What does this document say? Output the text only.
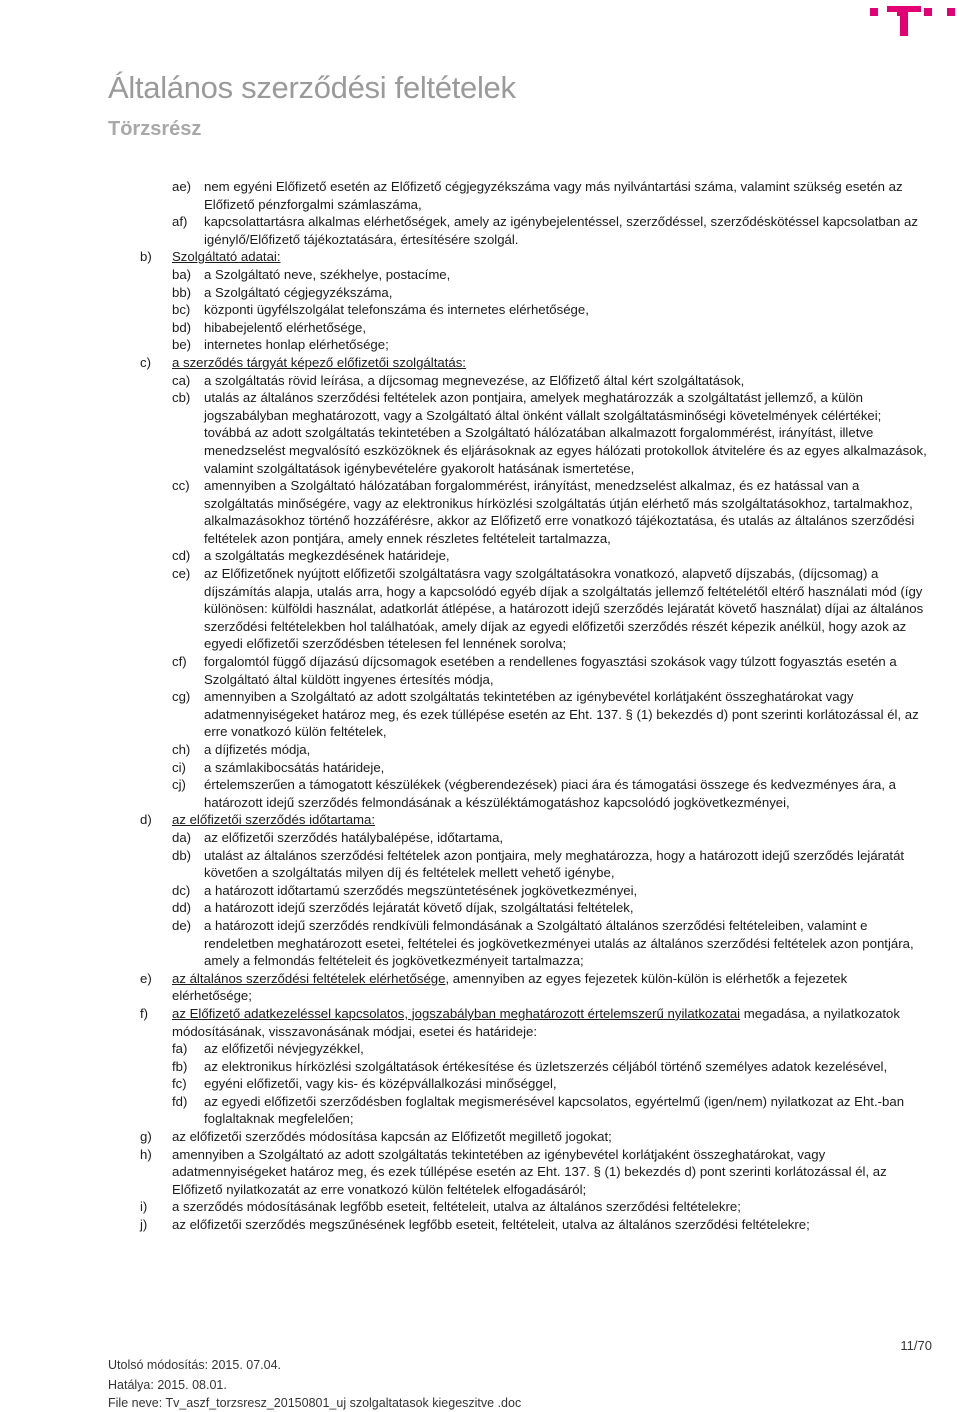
Általános szerződési feltételek
Törzsrész
ae) nem egyéni Előfizető esetén az Előfizető cégjegyzékszáma vagy más nyilvántartási száma, valamint szükség esetén az Előfizető pénzforgalmi számlaszáma,
af)	kapcsolattartásra alkalmas elérhetőségek, amely az igénybejelentéssel, szerződéssel, szerződéskötéssel kapcsolatban az igénylő/Előfizető tájékoztatására, értesítésére szolgál.
b)	Szolgáltató adatai:
ba) a Szolgáltató neve, székhelye, postacíme,
bb) a Szolgáltató cégjegyzékszáma,
bc)	központi ügyfélszolgálat telefonszáma és internetes elérhetősége,
bd) hibabejelentő elérhetősége,
be) internetes honlap elérhetősége;
c)	a szerződés tárgyát képező előfizetői szolgáltatás:
ca)	a szolgáltatás rövid leírása, a díjcsomag megnevezése, az Előfizető által kért szolgáltatások,
cb)	utalás az általános szerződési feltételek azon pontjaira, amelyek meghatározzák a szolgáltatást jellemző, a külön jogszabályban meghatározott, vagy a Szolgáltató által önként vállalt szolgáltatásminőségi követelmények célértékei; továbbá az adott szolgáltatás tekintetében a Szolgáltató hálózatában alkalmazott forgalommérést, irányítást, illetve menedzselést megvalósító eszközöknek és eljárásoknak az egyes hálózati protokollok átvitelére és az egyes alkalmazások, valamint szolgáltatások igénybevételére gyakorolt hatásának ismertetése,
cc)	amennyiben a Szolgáltató hálózatában forgalommérést, irányítást, menedzselést alkalmaz, és ez hatással van a szolgáltatás minőségére, vagy az elektronikus hírközlési szolgáltatás útján elérhető más szolgáltatásokhoz, tartalmakhoz, alkalmazásokhoz történő hozzáférésre, akkor az Előfizető erre vonatkozó tájékoztatása, és utalás az általános szerződési feltételek azon pontjára, amely ennek részletes feltételeit tartalmazza,
cd)	a szolgáltatás megkezdésének határideje,
ce)	az Előfizetőnek nyújtott előfizetői szolgáltatásra vagy szolgáltatásokra vonatkozó, alapvető díjszabás, (díjcsomag) a díjszámítás alapja, utalás arra, hogy a kapcsolódó egyéb díjak a szolgáltatás jellemző feltételétől eltérő használati mód (így különösen: külföldi használat, adatkorlát átlépése, a határozott idejű szerződés lejáratát követő használat) díjai az általános szerződési feltételekben hol találhatóak, amely díjak az egyedi előfizetői szerződés részét képezik anélkül, hogy azok az egyedi előfizetői szerződésben tételesen fel lennének sorolva;
cf)	forgalomtól függő díjazású díjcsomagok esetében a rendellenes fogyasztási szokások vagy túlzott fogyasztás esetén a Szolgáltató által küldött ingyenes értesítés módja,
cg)	amennyiben a Szolgáltató az adott szolgáltatás tekintetében az igénybevétel korlátjaként összeghatárokat vagy adatmennyiségeket határoz meg, és ezek túllépése esetén az Eht. 137. § (1) bekezdés d) pont szerinti korlátozással él, az erre vonatkozó külön feltételek,
ch)	a díjfizetés módja,
ci)	a számlakibocsátás határideje,
cj)	értelemszerűen a támogatott készülékek (végberendezések) piaci ára és támogatási összege és kedvezményes ára, a határozott idejű szerződés felmondásának a készüléktámogatáshoz kapcsolódó jogkövetkezményei,
d)	az előfizetői szerződés időtartama:
da) az előfizetői szerződés hatálybalépése, időtartama,
db) utalást az általános szerződési feltételek azon pontjaira, mely meghatározza, hogy a határozott idejű szerződés lejáratát követően a szolgáltatás milyen díj és feltételek mellett vehető igénybe,
dc)	a határozott időtartamú szerződés megszüntetésének jogkövetkezményei,
dd) a határozott idejű szerződés lejáratát követő díjak, szolgáltatási feltételek,
de) a határozott idejű szerződés rendkívüli felmondásának a Szolgáltató általános szerződési feltételeiben, valamint e rendeletben meghatározott esetei, feltételei és jogkövetkezményei utalás az általános szerződési feltételek azon pontjára, amely a felmondás feltételeit és jogkövetkezményeit tartalmazza;
e)	az általános szerződési feltételek elérhetősége, amennyiben az egyes fejezetek külön-külön is elérhetők a fejezetek elérhetősége;
f)	az Előfizető adatkezeléssel kapcsolatos, jogszabályban meghatározott értelemszerű nyilatkozatai megadása, a nyilatkozatok módosításának, visszavonásának módjai, esetei és határideje:
fa)	az előfizetői névjegyzékkel,
fb)	az elektronikus hírközlési szolgáltatások értékesítése és üzletszerzés céljából történő személyes adatok kezelésével,
fc)	egyéni előfizetői, vagy kis- és középvállalkozási minőséggel,
fd)	az egyedi előfizetői szerződésben foglaltak megismerésével kapcsolatos, egyértelmű (igen/nem) nyilatkozat az Eht.-ban foglaltaknak megfelelően;
g)	az előfizetői szerződés módosítása kapcsán az Előfizetőt megillető jogokat;
h)	amennyiben a Szolgáltató az adott szolgáltatás tekintetében az igénybevétel korlátjaként összeghatárokat, vagy adatmennyiségeket határoz meg, és ezek túllépése esetén az Eht. 137. § (1) bekezdés d) pont szerinti korlátozással él, az Előfizető nyilatkozatát az erre vonatkozó külön feltételek elfogadásáról;
i)	a szerződés módosításának legfőbb eseteit, feltételeit, utalva az általános szerződési feltételekre;
j)	az előfizetői szerződés megszűnésének legfőbb eseteit, feltételeit, utalva az általános szerződési feltételekre;
Utolsó módosítás: 2015. 07.04.
Hatálya: 2015. 08.01.
File neve: Tv_aszf_torzsresz_20150801_uj szolgaltatasok kiegeszitve .doc
11/70
